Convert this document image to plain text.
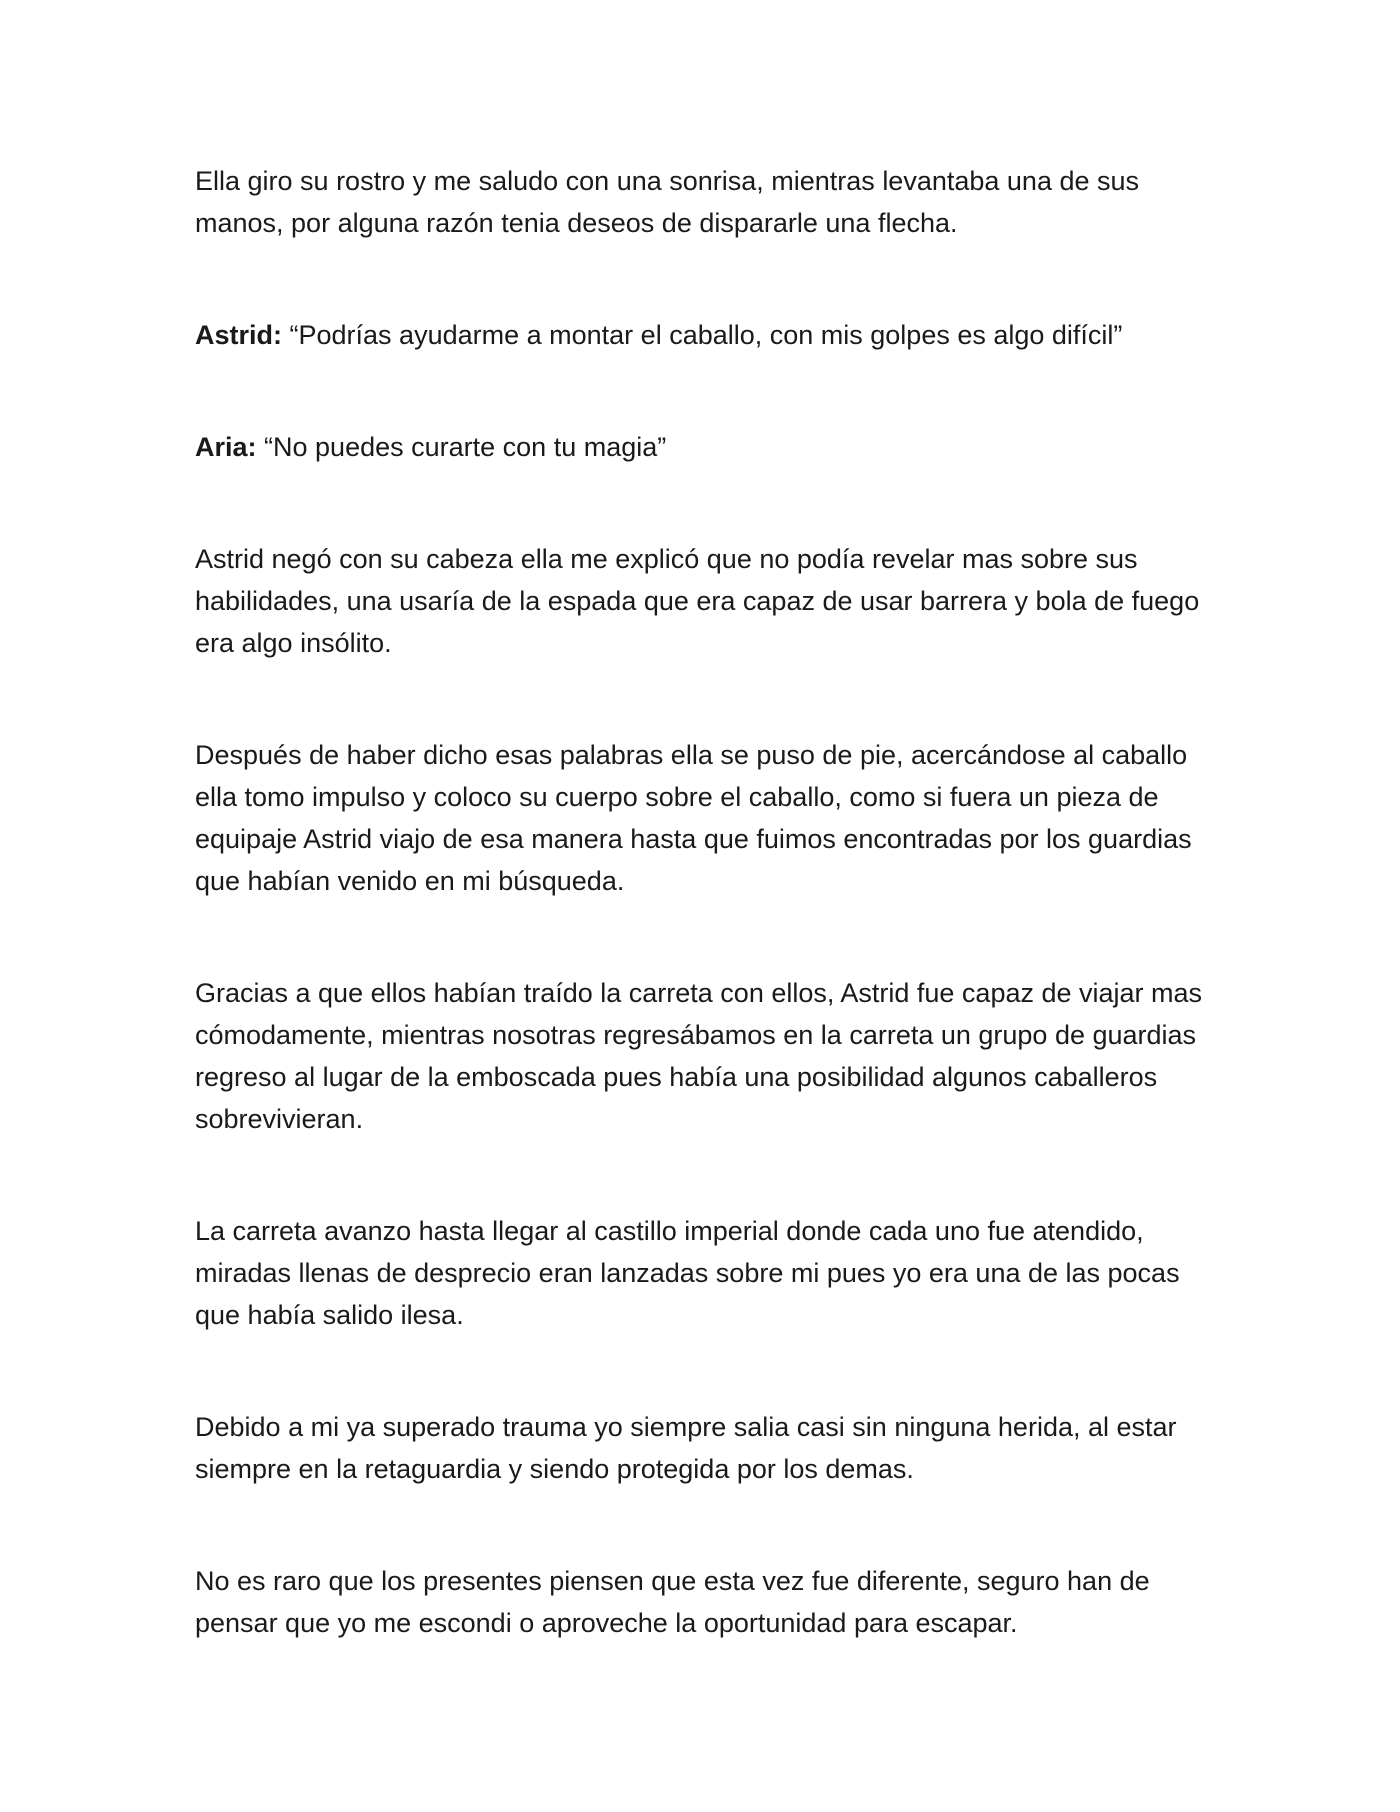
Ella giro su rostro y me saludo con una sonrisa, mientras levantaba una de sus manos, por alguna razón tenia deseos de dispararle una flecha.

Astrid: “Podrías ayudarme a montar el caballo, con mis golpes es algo difícil”

Aria: “No puedes curarte con tu magia”

Astrid negó con su cabeza ella me explicó que no podía revelar mas sobre sus habilidades, una usaría de la espada que era capaz de usar barrera y bola de fuego era algo insólito.

Después de haber dicho esas palabras ella se puso de pie, acercándose al caballo ella tomo impulso y coloco su cuerpo sobre el caballo, como si fuera un pieza de equipaje Astrid viajo de esa manera hasta que fuimos encontradas por los guardias que habían venido en mi búsqueda.

Gracias a que ellos habían traído la carreta con ellos, Astrid fue capaz de viajar mas cómodamente, mientras nosotras regresábamos en la carreta un grupo de guardias regreso al lugar de la emboscada pues había una posibilidad algunos caballeros sobrevivieran.

La carreta avanzo hasta llegar al castillo imperial donde cada uno fue atendido, miradas llenas de desprecio eran lanzadas sobre mi pues yo era una de las pocas que había salido ilesa.

Debido a mi ya superado trauma yo siempre salia casi sin ninguna herida, al estar siempre en la retaguardia y siendo protegida por los demas.

No es raro que los presentes piensen que esta vez fue diferente, seguro han de pensar que yo me escondi o aproveche la oportunidad para escapar.
